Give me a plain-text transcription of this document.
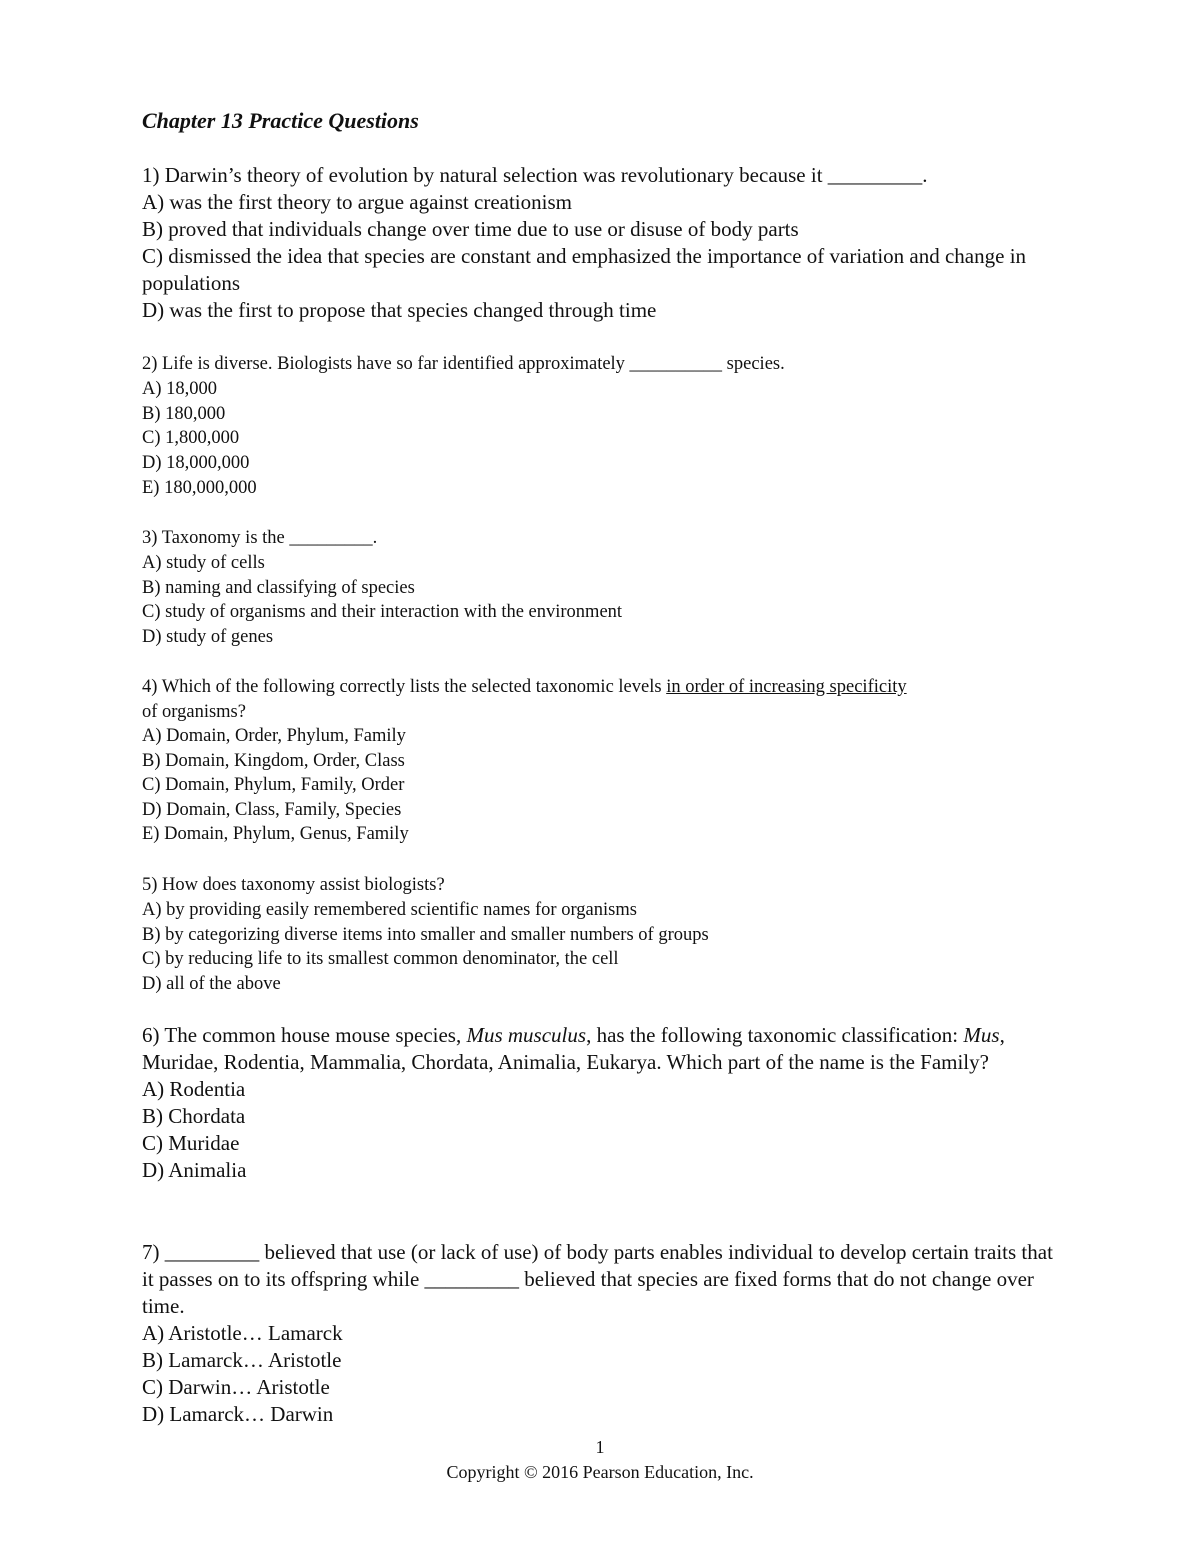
Chapter 13 Practice Questions
1) Darwin’s theory of evolution by natural selection was revolutionary because it _________.
A) was the first theory to argue against creationism
B) proved that individuals change over time due to use or disuse of body parts
C) dismissed the idea that species are constant and emphasized the importance of variation and change in populations
D) was the first to propose that species changed through time
2) Life is diverse. Biologists have so far identified approximately __________ species.
A) 18,000
B) 180,000
C) 1,800,000
D) 18,000,000
E) 180,000,000
3) Taxonomy is the _________.
A) study of cells
B) naming and classifying of species
C) study of organisms and their interaction with the environment
D) study of genes
4) Which of the following correctly lists the selected taxonomic levels in order of increasing specificity
of organisms?
A) Domain, Order, Phylum, Family
B) Domain, Kingdom, Order, Class
C) Domain, Phylum, Family, Order
D) Domain, Class, Family, Species
E) Domain, Phylum, Genus, Family
5) How does taxonomy assist biologists?
A) by providing easily remembered scientific names for organisms
B) by categorizing diverse items into smaller and smaller numbers of groups
C) by reducing life to its smallest common denominator, the cell
D) all of the above
6) The common house mouse species, Mus musculus, has the following taxonomic classification: Mus, Muridae, Rodentia, Mammalia, Chordata, Animalia, Eukarya. Which part of the name is the Family?
A) Rodentia
B) Chordata
C) Muridae
D) Animalia
7) _________ believed that use (or lack of use) of body parts enables individual to develop certain traits that it passes on to its offspring while _________ believed that species are fixed forms that do not change over time.
A) Aristotle… Lamarck
B) Lamarck… Aristotle
C) Darwin… Aristotle
D) Lamarck… Darwin
1
Copyright © 2016 Pearson Education, Inc.
